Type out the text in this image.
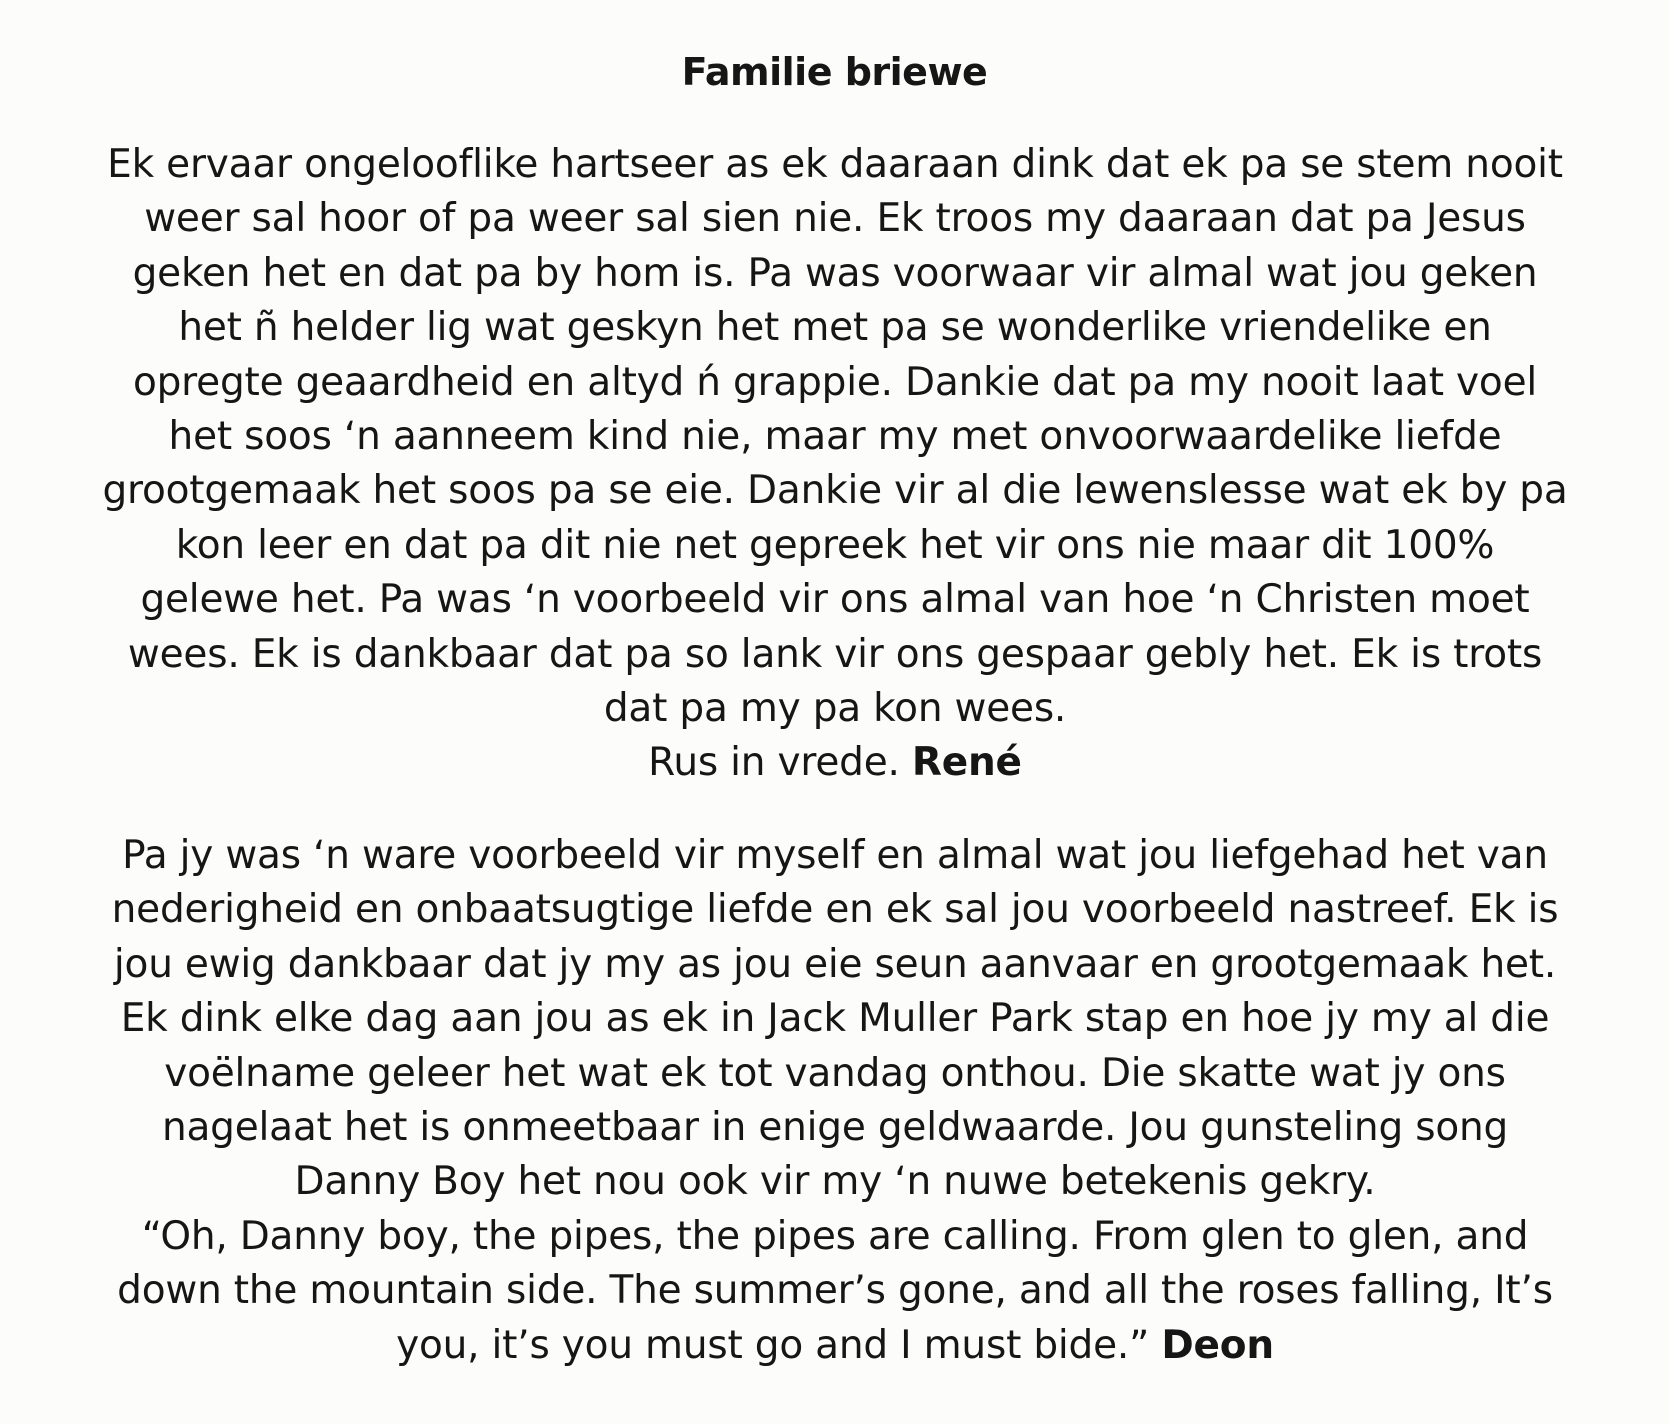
Familie briewe
Ek ervaar ongelooflike hartseer as ek daaraan dink dat ek pa se stem nooit
weer sal hoor of pa weer sal sien nie. Ek troos my daaraan dat pa Jesus
geken het en dat pa by hom is. Pa was voorwaar vir almal wat jou geken
het ñ helder lig wat geskyn het met pa se wonderlike vriendelike en
opregte geaardheid en altyd ń grappie. Dankie dat pa my nooit laat voel
het soos ‘n aanneem kind nie, maar my met onvoorwaardelike liefde
grootgemaak het soos pa se eie. Dankie vir al die lewenslesse wat ek by pa
kon leer en dat pa dit nie net gepreek het vir ons nie maar dit 100%
gelewe het. Pa was ‘n voorbeeld vir ons almal van hoe ‘n Christen moet
wees. Ek is dankbaar dat pa so lank vir ons gespaar gebly het. Ek is trots
dat pa my pa kon wees.
Rus in vrede. René
Pa jy was ‘n ware voorbeeld vir myself en almal wat jou liefgehad het van
nederigheid en onbaatsugtige liefde en ek sal jou voorbeeld nastreef. Ek is
jou ewig dankbaar dat jy my as jou eie seun aanvaar en grootgemaak het.
Ek dink elke dag aan jou as ek in Jack Muller Park stap en hoe jy my al die
voëlname geleer het wat ek tot vandag onthou. Die skatte wat jy ons
nagelaat het is onmeetbaar in enige geldwaarde. Jou gunsteling song
Danny Boy het nou ook vir my ‘n nuwe betekenis gekry.
“Oh, Danny boy, the pipes, the pipes are calling. From glen to glen, and
down the mountain side. The summer’s gone, and all the roses falling, It’s
you, it’s you must go and I must bide.” Deon
